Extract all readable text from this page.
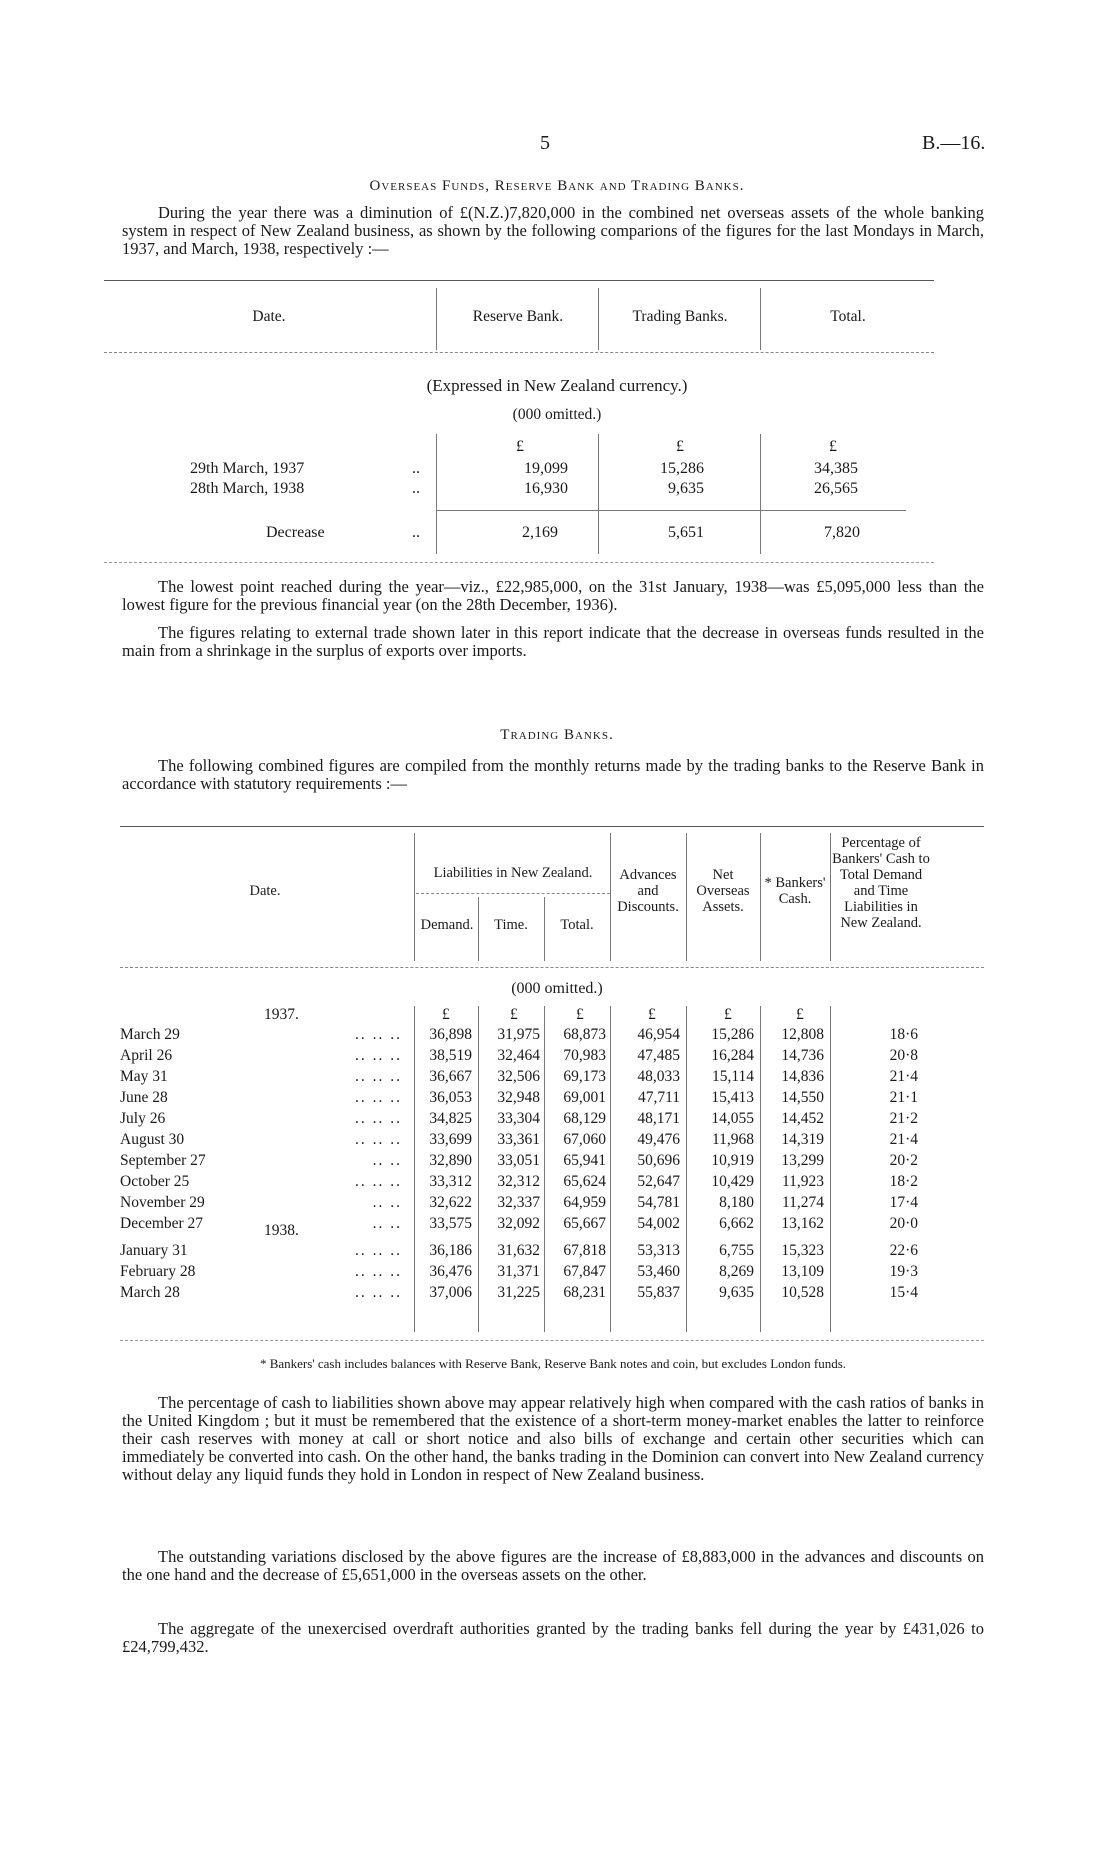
5	B.—16.
Overseas Funds, Reserve Bank and Trading Banks.
During the year there was a diminution of £(N.Z.)7,820,000 in the combined net overseas assets of the whole banking system in respect of New Zealand business, as shown by the following comparions of the figures for the last Mondays in March, 1937, and March, 1938, respectively :—
Date.	Reserve Bank.	Trading Banks.	Total.
(Expressed in New Zealand currency.)
(000 omitted.)
£	£	£
29th March, 1937	..	19,099	15,286	34,385
28th March, 1938	..	16,930	9,635	26,565
Decrease	..	2,169	5,651	7,820
The lowest point reached during the year—viz., £22,985,000, on the 31st January, 1938—was £5,095,000 less than the lowest figure for the previous financial year (on the 28th December, 1936).
The figures relating to external trade shown later in this report indicate that the decrease in overseas funds resulted in the main from a shrinkage in the surplus of exports over imports.
Trading Banks.
The following combined figures are compiled from the monthly returns made by the trading banks to the Reserve Bank in accordance with statutory requirements :—
Date.
Liabilities in New Zealand.
Demand.	Time.	Total.
Advances and Discounts.
Net Overseas Assets.
* Bankers' Cash.
Percentage of Bankers' Cash to Total Demand and Time Liabilities in New Zealand.
(000 omitted.)
1937.	£	£	£	£	£	£
March 29	.. .. ..	36,898	31,975	68,873	46,954	15,286	12,808	18·6
April 26	.. .. ..	38,519	32,464	70,983	47,485	16,284	14,736	20·8
May 31	.. .. ..	36,667	32,506	69,173	48,033	15,114	14,836	21·4
June 28	.. .. ..	36,053	32,948	69,001	47,711	15,413	14,550	21·1
July 26	.. .. ..	34,825	33,304	68,129	48,171	14,055	14,452	21·2
August 30	.. .. ..	33,699	33,361	67,060	49,476	11,968	14,319	21·4
September 27	.. ..	32,890	33,051	65,941	50,696	10,919	13,299	20·2
October 25	.. .. ..	33,312	32,312	65,624	52,647	10,429	11,923	18·2
November 29	.. ..	32,622	32,337	64,959	54,781	8,180	11,274	17·4
December 27	.. ..	33,575	32,092	65,667	54,002	6,662	13,162	20·0
1938.
January 31	.. .. ..	36,186	31,632	67,818	53,313	6,755	15,323	22·6
February 28	.. .. ..	36,476	31,371	67,847	53,460	8,269	13,109	19·3
March 28	.. .. ..	37,006	31,225	68,231	55,837	9,635	10,528	15·4
* Bankers' cash includes balances with Reserve Bank, Reserve Bank notes and coin, but excludes London funds.
The percentage of cash to liabilities shown above may appear relatively high when compared with the cash ratios of banks in the United Kingdom ; but it must be remembered that the existence of a short-term money-market enables the latter to reinforce their cash reserves with money at call or short notice and also bills of exchange and certain other securities which can immediately be converted into cash. On the other hand, the banks trading in the Dominion can convert into New Zealand currency without delay any liquid funds they hold in London in respect of New Zealand business.
The outstanding variations disclosed by the above figures are the increase of £8,883,000 in the advances and discounts on the one hand and the decrease of £5,651,000 in the overseas assets on the other.
The aggregate of the unexercised overdraft authorities granted by the trading banks fell during the year by £431,026 to £24,799,432.
